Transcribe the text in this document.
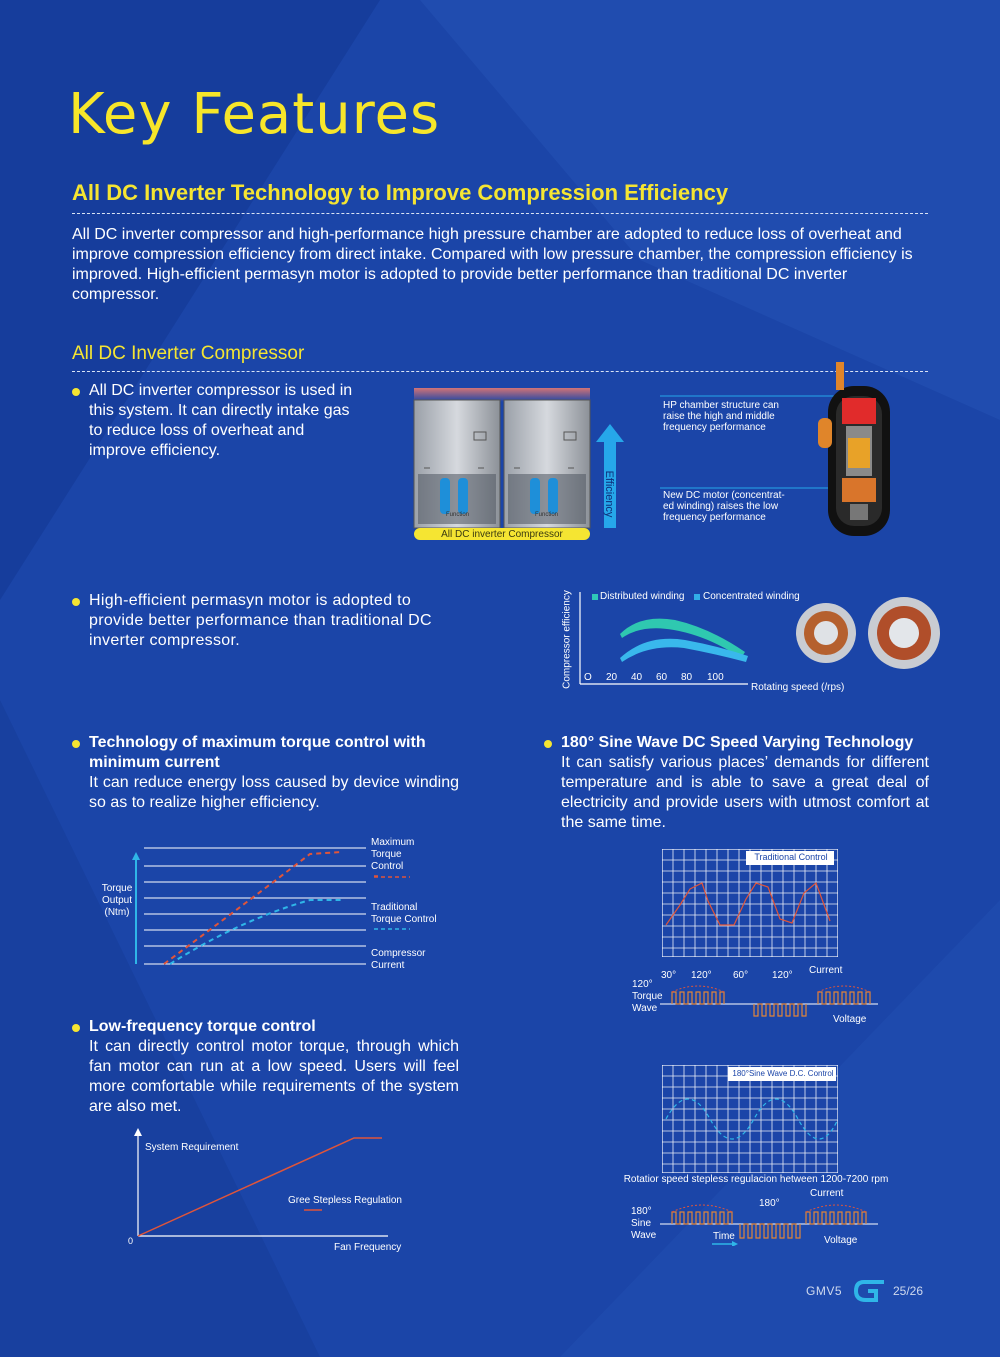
Key Features
All DC Inverter Technology to Improve Compression Efficiency
All DC inverter compressor and high-performance high pressure chamber are adopted to reduce loss of overheat and improve compression efficiency from direct intake. Compared with low pressure chamber, the compression efficiency is improved. High-efficient permasyn motor is adopted to provide better performance than traditional DC inverter compressor.
All DC Inverter Compressor
All DC inverter compressor is used in this system. It can directly intake gas to reduce loss of overheat and improve efficiency.
Function	Function
All DC inverter Compressor
Efficiency
HP chamber structure can raise the high and middle frequency performance
New DC motor (concentrat-ed winding) raises the low frequency performance
High-efficient permasyn motor is adopted to provide better performance than traditional DC inverter compressor.	Compressor efficiency	Distributed winding Concentrated winding
O 20 40 60 80 100
Rotating speed (/rps)
Technology of maximum torque control with minimum current
It can reduce energy loss caused by device winding so as to realize higher efficiency.
Torque
Output
(Ntm)
Maximum
Torque
Control
Traditional
Torque Control
Compressor
Current
180° Sine Wave DC Speed Varying Technology
It can satisfy various places’ demands for different temperature and is able to save a great deal of electricity and provide users with utmost comfort at the same time.
Traditional Control
30° 120° 60° 120° Current
120°
Torque
Wave
Voltage
180°Sine Wave D.C. Control
Rotatior speed stepless regulacion hetween 1200-7200 rpm
Current
180°
180°
Sine
Wave	Time	Voltage
Low-frequency torque control
It can directly control motor torque, through which fan motor can run at a low speed. Users will feel more comfortable while requirements of the system are also met.
System Requirement
Gree Stepless Regulation
0
Fan Frequency
GMV5	25/26
